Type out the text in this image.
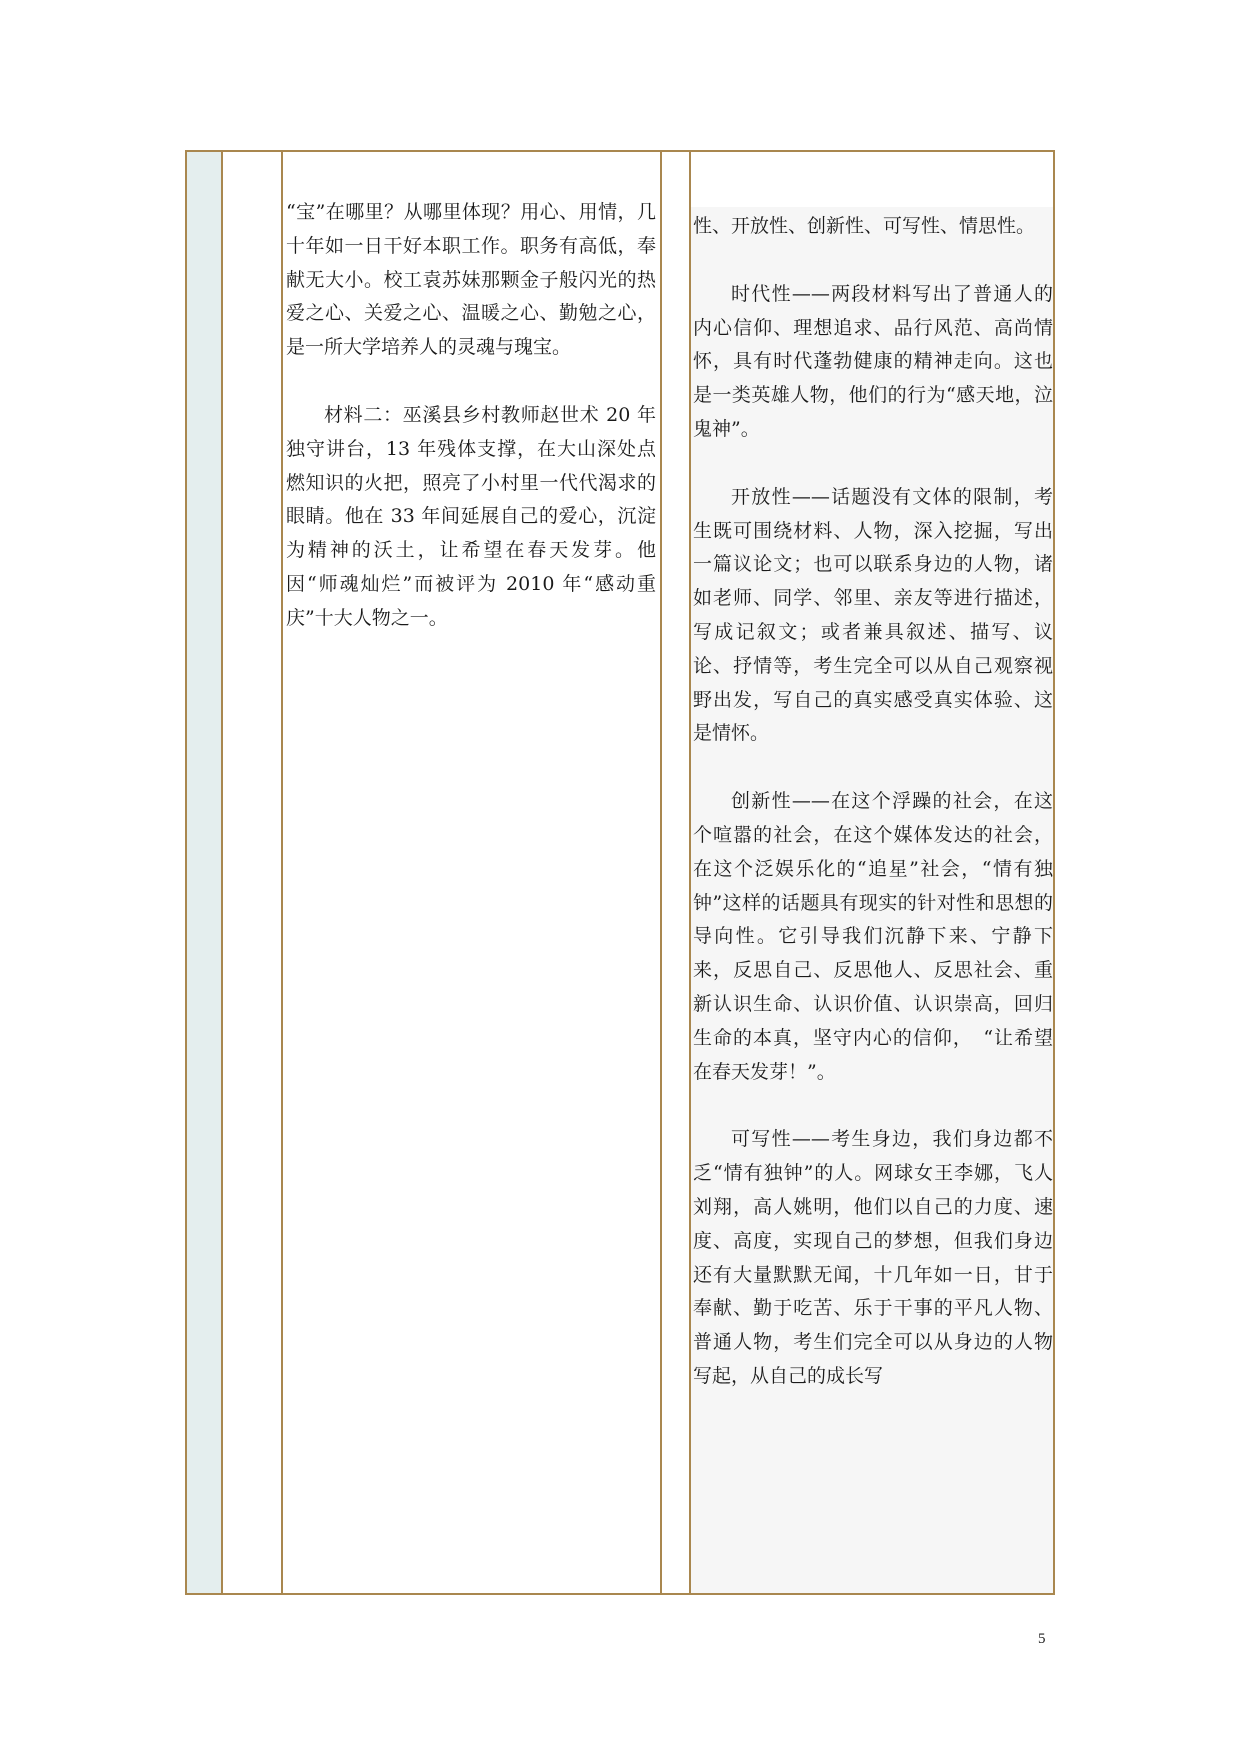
“宝”在哪里？从哪里体现？用心、用情，几十年如一日干好本职工作。职务有高低，奉献无大小。校工袁苏妹那颗金子般闪光的热爱之心、关爱之心、温暖之心、勤勉之心，是一所大学培养人的灵魂与瑰宝。

材料二：巫溪县乡村教师赵世术 20 年独守讲台，13 年残体支撑，在大山深处点燃知识的火把，照亮了小村里一代代渴求的眼睛。他在 33 年间延展自己的爱心，沉淀为精神的沃土，让希望在春天发芽。他因“师魂灿烂”而被评为 2010 年“感动重庆”十大人物之一。

性、开放性、创新性、可写性、情思性。

时代性——两段材料写出了普通人的内心信仰、理想追求、品行风范、高尚情怀，具有时代蓬勃健康的精神走向。这也是一类英雄人物，他们的行为“感天地，泣鬼神”。

开放性——话题没有文体的限制，考生既可围绕材料、人物，深入挖掘，写出一篇议论文；也可以联系身边的人物，诸如老师、同学、邻里、亲友等进行描述，写成记叙文；或者兼具叙述、描写、议论、抒情等，考生完全可以从自己观察视野出发，写自己的真实感受真实体验、这是情怀。

创新性——在这个浮躁的社会，在这个喧嚣的社会，在这个媒体发达的社会，在这个泛娱乐化的“追星”社会，“情有独钟”这样的话题具有现实的针对性和思想的导向性。它引导我们沉静下来、宁静下来，反思自己、反思他人、反思社会、重新认识生命、认识价值、认识崇高，回归生命的本真，坚守内心的信仰，　“让希望在春天发芽！”。

可写性——考生身边，我们身边都不乏“情有独钟”的人。网球女王李娜，飞人刘翔，高人姚明，他们以自己的力度、速度、高度，实现自己的梦想，但我们身边还有大量默默无闻，十几年如一日，甘于奉献、勤于吃苦、乐于干事的平凡人物、普通人物，考生们完全可以从身边的人物写起，从自己的成长写

5
